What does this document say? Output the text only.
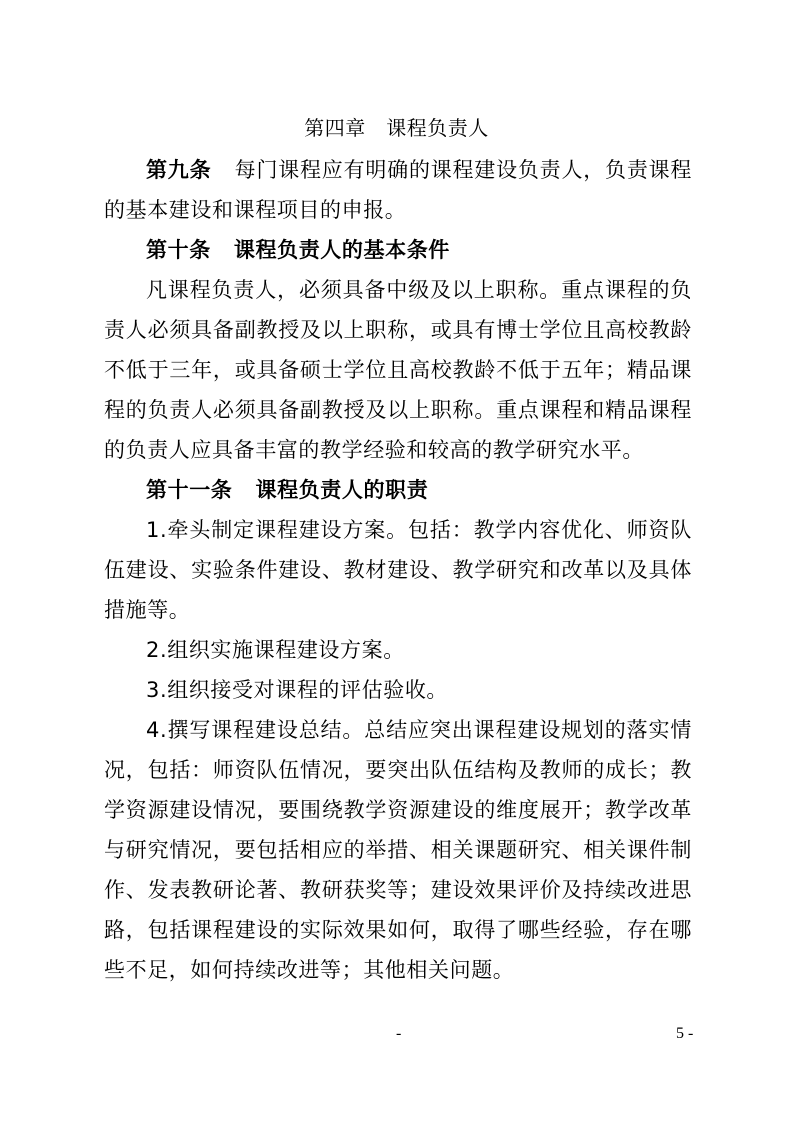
第四章　课程负责人

第九条 每门课程应有明确的课程建设负责人，负责课程的基本建设和课程项目的申报。

第十条 课程负责人的基本条件

凡课程负责人，必须具备中级及以上职称。重点课程的负责人必须具备副教授及以上职称，或具有博士学位且高校教龄不低于三年，或具备硕士学位且高校教龄不低于五年；精品课程的负责人必须具备副教授及以上职称。重点课程和精品课程的负责人应具备丰富的教学经验和较高的教学研究水平。

第十一条 课程负责人的职责

1.牵头制定课程建设方案。包括：教学内容优化、师资队伍建设、实验条件建设、教材建设、教学研究和改革以及具体措施等。

2.组织实施课程建设方案。

3.组织接受对课程的评估验收。

4.撰写课程建设总结。总结应突出课程建设规划的落实情况，包括：师资队伍情况，要突出队伍结构及教师的成长；教学资源建设情况，要围绕教学资源建设的维度展开；教学改革与研究情况，要包括相应的举措、相关课题研究、相关课件制作、发表教研论著、教研获奖等；建设效果评价及持续改进思路，包括课程建设的实际效果如何，取得了哪些经验，存在哪些不足，如何持续改进等；其他相关问题。

-	5 -
